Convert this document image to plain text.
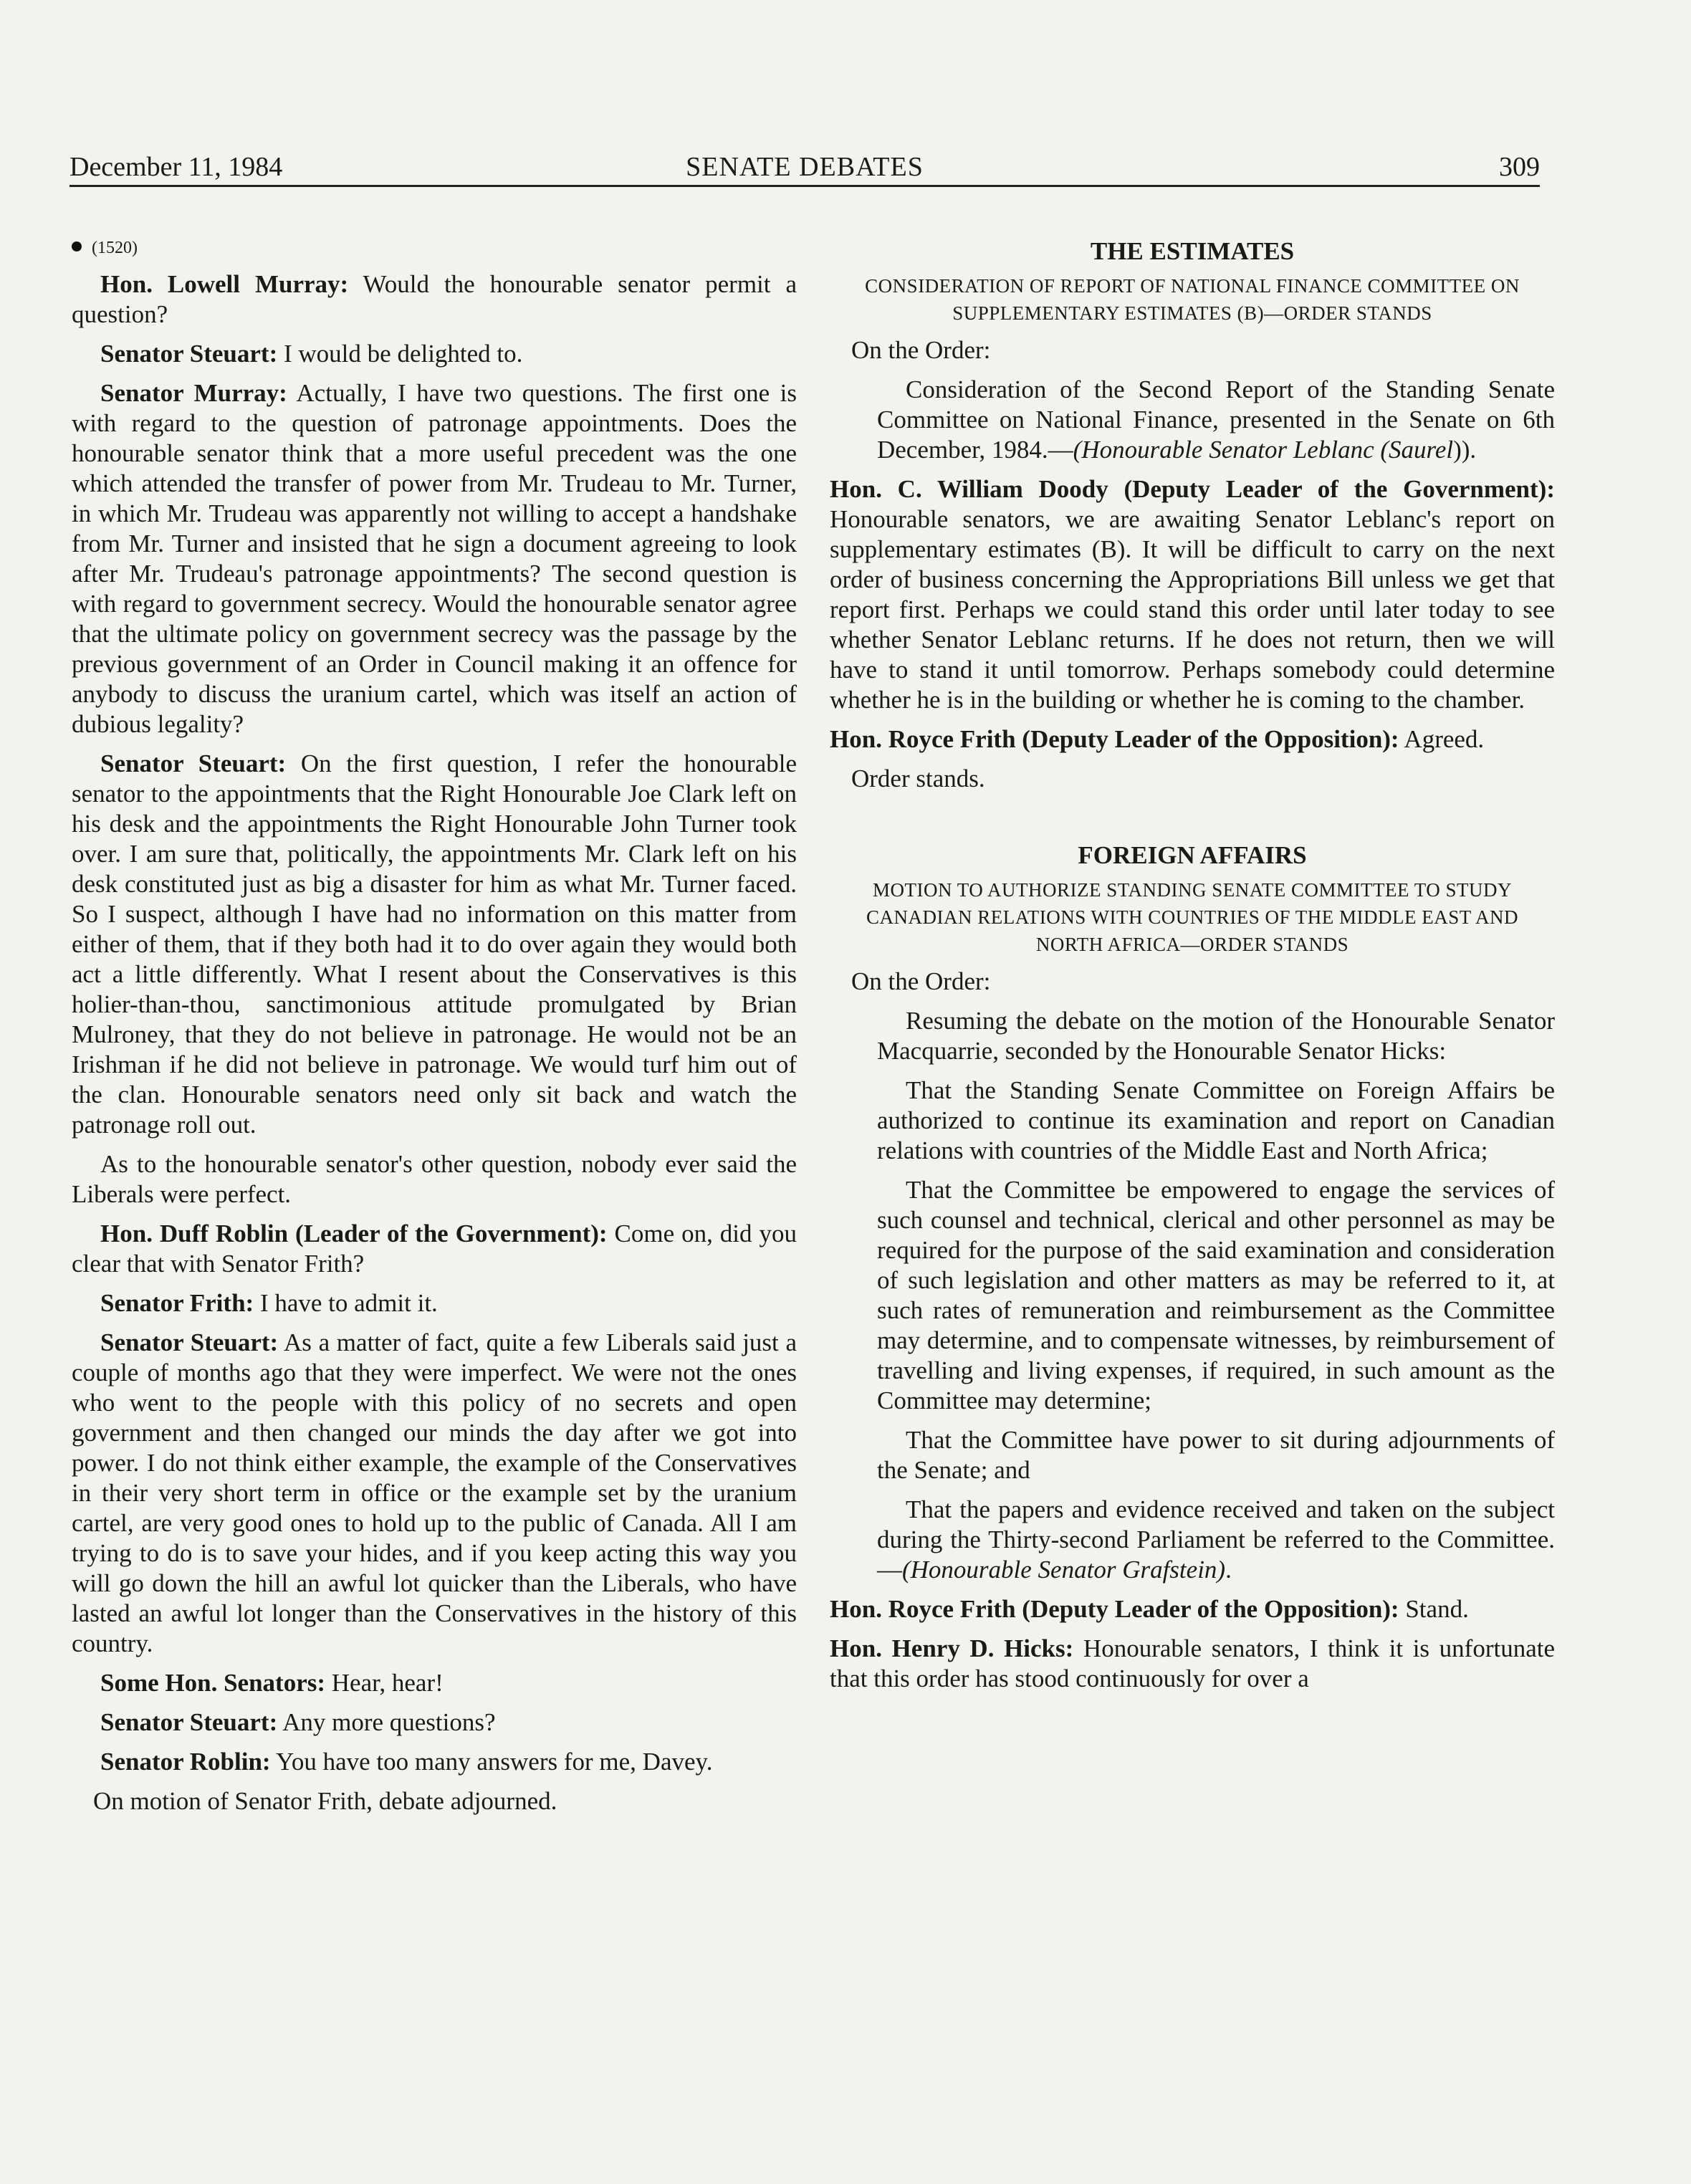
December 11, 1984	SENATE DEBATES	309
(1520)

Hon. Lowell Murray: Would the honourable senator permit a question?

Senator Steuart: I would be delighted to.

Senator Murray: Actually, I have two questions. The first one is with regard to the question of patronage appointments. Does the honourable senator think that a more useful precedent was the one which attended the transfer of power from Mr. Trudeau to Mr. Turner, in which Mr. Trudeau was apparently not willing to accept a handshake from Mr. Turner and insisted that he sign a document agreeing to look after Mr. Trudeau's patronage appointments? The second question is with regard to government secrecy. Would the honourable senator agree that the ultimate policy on government secrecy was the passage by the previous government of an Order in Council making it an offence for anybody to discuss the uranium cartel, which was itself an action of dubious legality?

Senator Steuart: On the first question, I refer the honourable senator to the appointments that the Right Honourable Joe Clark left on his desk and the appointments the Right Honourable John Turner took over. I am sure that, politically, the appointments Mr. Clark left on his desk constituted just as big a disaster for him as what Mr. Turner faced. So I suspect, although I have had no information on this matter from either of them, that if they both had it to do over again they would both act a little differently. What I resent about the Conservatives is this holier-than-thou, sanctimonious attitude promulgated by Brian Mulroney, that they do not believe in patronage. He would not be an Irishman if he did not believe in patronage. We would turf him out of the clan. Honourable senators need only sit back and watch the patronage roll out.

As to the honourable senator's other question, nobody ever said the Liberals were perfect.

Hon. Duff Roblin (Leader of the Government): Come on, did you clear that with Senator Frith?

Senator Frith: I have to admit it.

Senator Steuart: As a matter of fact, quite a few Liberals said just a couple of months ago that they were imperfect. We were not the ones who went to the people with this policy of no secrets and open government and then changed our minds the day after we got into power. I do not think either example, the example of the Conservatives in their very short term in office or the example set by the uranium cartel, are very good ones to hold up to the public of Canada. All I am trying to do is to save your hides, and if you keep acting this way you will go down the hill an awful lot quicker than the Liberals, who have lasted an awful lot longer than the Conservatives in the history of this country.

Some Hon. Senators: Hear, hear!

Senator Steuart: Any more questions?

Senator Roblin: You have too many answers for me, Davey.

On motion of Senator Frith, debate adjourned.

THE ESTIMATES
CONSIDERATION OF REPORT OF NATIONAL FINANCE COMMITTEE ON SUPPLEMENTARY ESTIMATES (B)—ORDER STANDS

On the Order:

Consideration of the Second Report of the Standing Senate Committee on National Finance, presented in the Senate on 6th December, 1984.—(Honourable Senator Leblanc (Saurel)).

Hon. C. William Doody (Deputy Leader of the Government): Honourable senators, we are awaiting Senator Leblanc's report on supplementary estimates (B). It will be difficult to carry on the next order of business concerning the Appropriations Bill unless we get that report first. Perhaps we could stand this order until later today to see whether Senator Leblanc returns. If he does not return, then we will have to stand it until tomorrow. Perhaps somebody could determine whether he is in the building or whether he is coming to the chamber.

Hon. Royce Frith (Deputy Leader of the Opposition): Agreed.

Order stands.

FOREIGN AFFAIRS
MOTION TO AUTHORIZE STANDING SENATE COMMITTEE TO STUDY CANADIAN RELATIONS WITH COUNTRIES OF THE MIDDLE EAST AND NORTH AFRICA—ORDER STANDS

On the Order:

Resuming the debate on the motion of the Honourable Senator Macquarrie, seconded by the Honourable Senator Hicks:

That the Standing Senate Committee on Foreign Affairs be authorized to continue its examination and report on Canadian relations with countries of the Middle East and North Africa;

That the Committee be empowered to engage the services of such counsel and technical, clerical and other personnel as may be required for the purpose of the said examination and consideration of such legislation and other matters as may be referred to it, at such rates of remuneration and reimbursement as the Committee may determine, and to compensate witnesses, by reimbursement of travelling and living expenses, if required, in such amount as the Committee may determine;

That the Committee have power to sit during adjournments of the Senate; and

That the papers and evidence received and taken on the subject during the Thirty-second Parliament be referred to the Committee.—(Honourable Senator Grafstein).

Hon. Royce Frith (Deputy Leader of the Opposition): Stand.

Hon. Henry D. Hicks: Honourable senators, I think it is unfortunate that this order has stood continuously for over a
